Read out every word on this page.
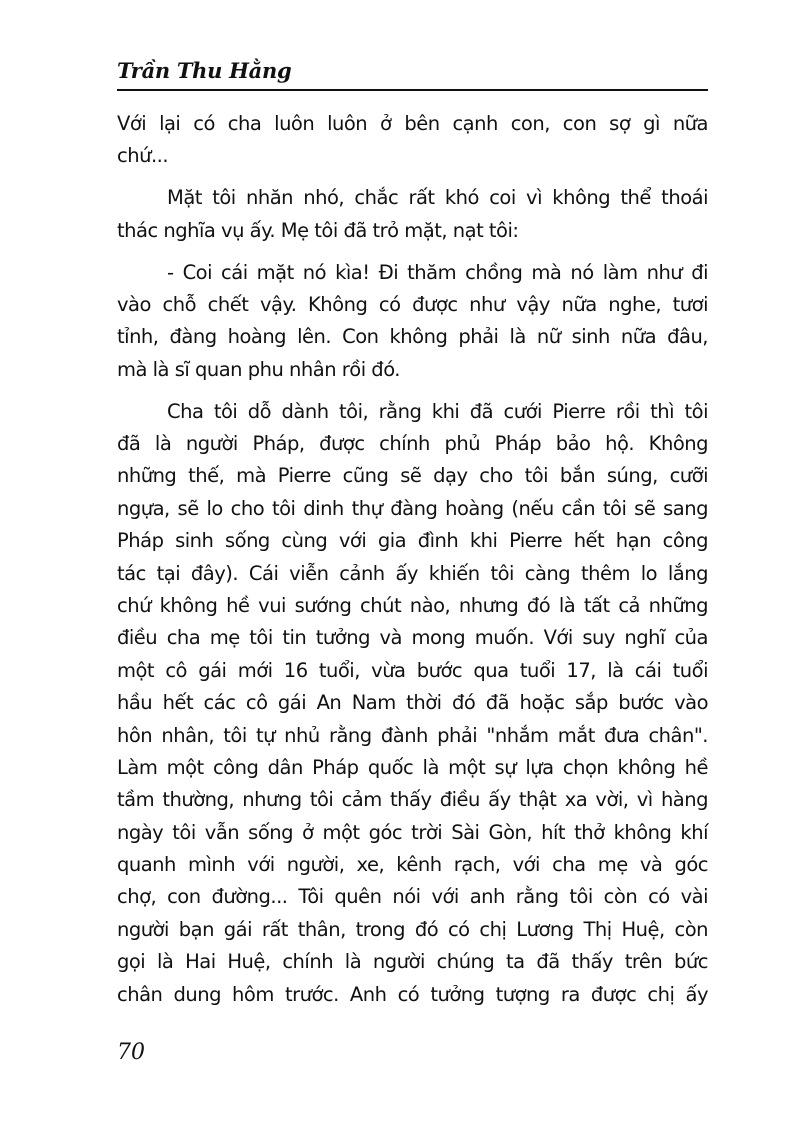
Trần Thu Hằng
Với lại có cha luôn luôn ở bên cạnh con, con sợ gì nữa
chứ...
Mặt tôi nhăn nhó, chắc rất khó coi vì không thể thoái
thác nghĩa vụ ấy. Mẹ tôi đã trỏ mặt, nạt tôi:
- Coi cái mặt nó kìa! Đi thăm chồng mà nó làm như đi
vào chỗ chết vậy. Không có được như vậy nữa nghe, tươi
tỉnh, đàng hoàng lên. Con không phải là nữ sinh nữa đâu,
mà là sĩ quan phu nhân rồi đó.
Cha tôi dỗ dành tôi, rằng khi đã cưới Pierre rồi thì tôi
đã là người Pháp, được chính phủ Pháp bảo hộ. Không
những thế, mà Pierre cũng sẽ dạy cho tôi bắn súng, cưỡi
ngựa, sẽ lo cho tôi dinh thự đàng hoàng (nếu cần tôi sẽ sang
Pháp sinh sống cùng với gia đình khi Pierre hết hạn công
tác tại đây). Cái viễn cảnh ấy khiến tôi càng thêm lo lắng
chứ không hề vui sướng chút nào, nhưng đó là tất cả những
điều cha mẹ tôi tin tưởng và mong muốn. Với suy nghĩ của
một cô gái mới 16 tuổi, vừa bước qua tuổi 17, là cái tuổi
hầu hết các cô gái An Nam thời đó đã hoặc sắp bước vào
hôn nhân, tôi tự nhủ rằng đành phải "nhắm mắt đưa chân".
Làm một công dân Pháp quốc là một sự lựa chọn không hề
tầm thường, nhưng tôi cảm thấy điều ấy thật xa vời, vì hàng
ngày tôi vẫn sống ở một góc trời Sài Gòn, hít thở không khí
quanh mình với người, xe, kênh rạch, với cha mẹ và góc
chợ, con đường... Tôi quên nói với anh rằng tôi còn có vài
người bạn gái rất thân, trong đó có chị Lương Thị Huệ, còn
gọi là Hai Huệ, chính là người chúng ta đã thấy trên bức
chân dung hôm trước. Anh có tưởng tượng ra được chị ấy
70
